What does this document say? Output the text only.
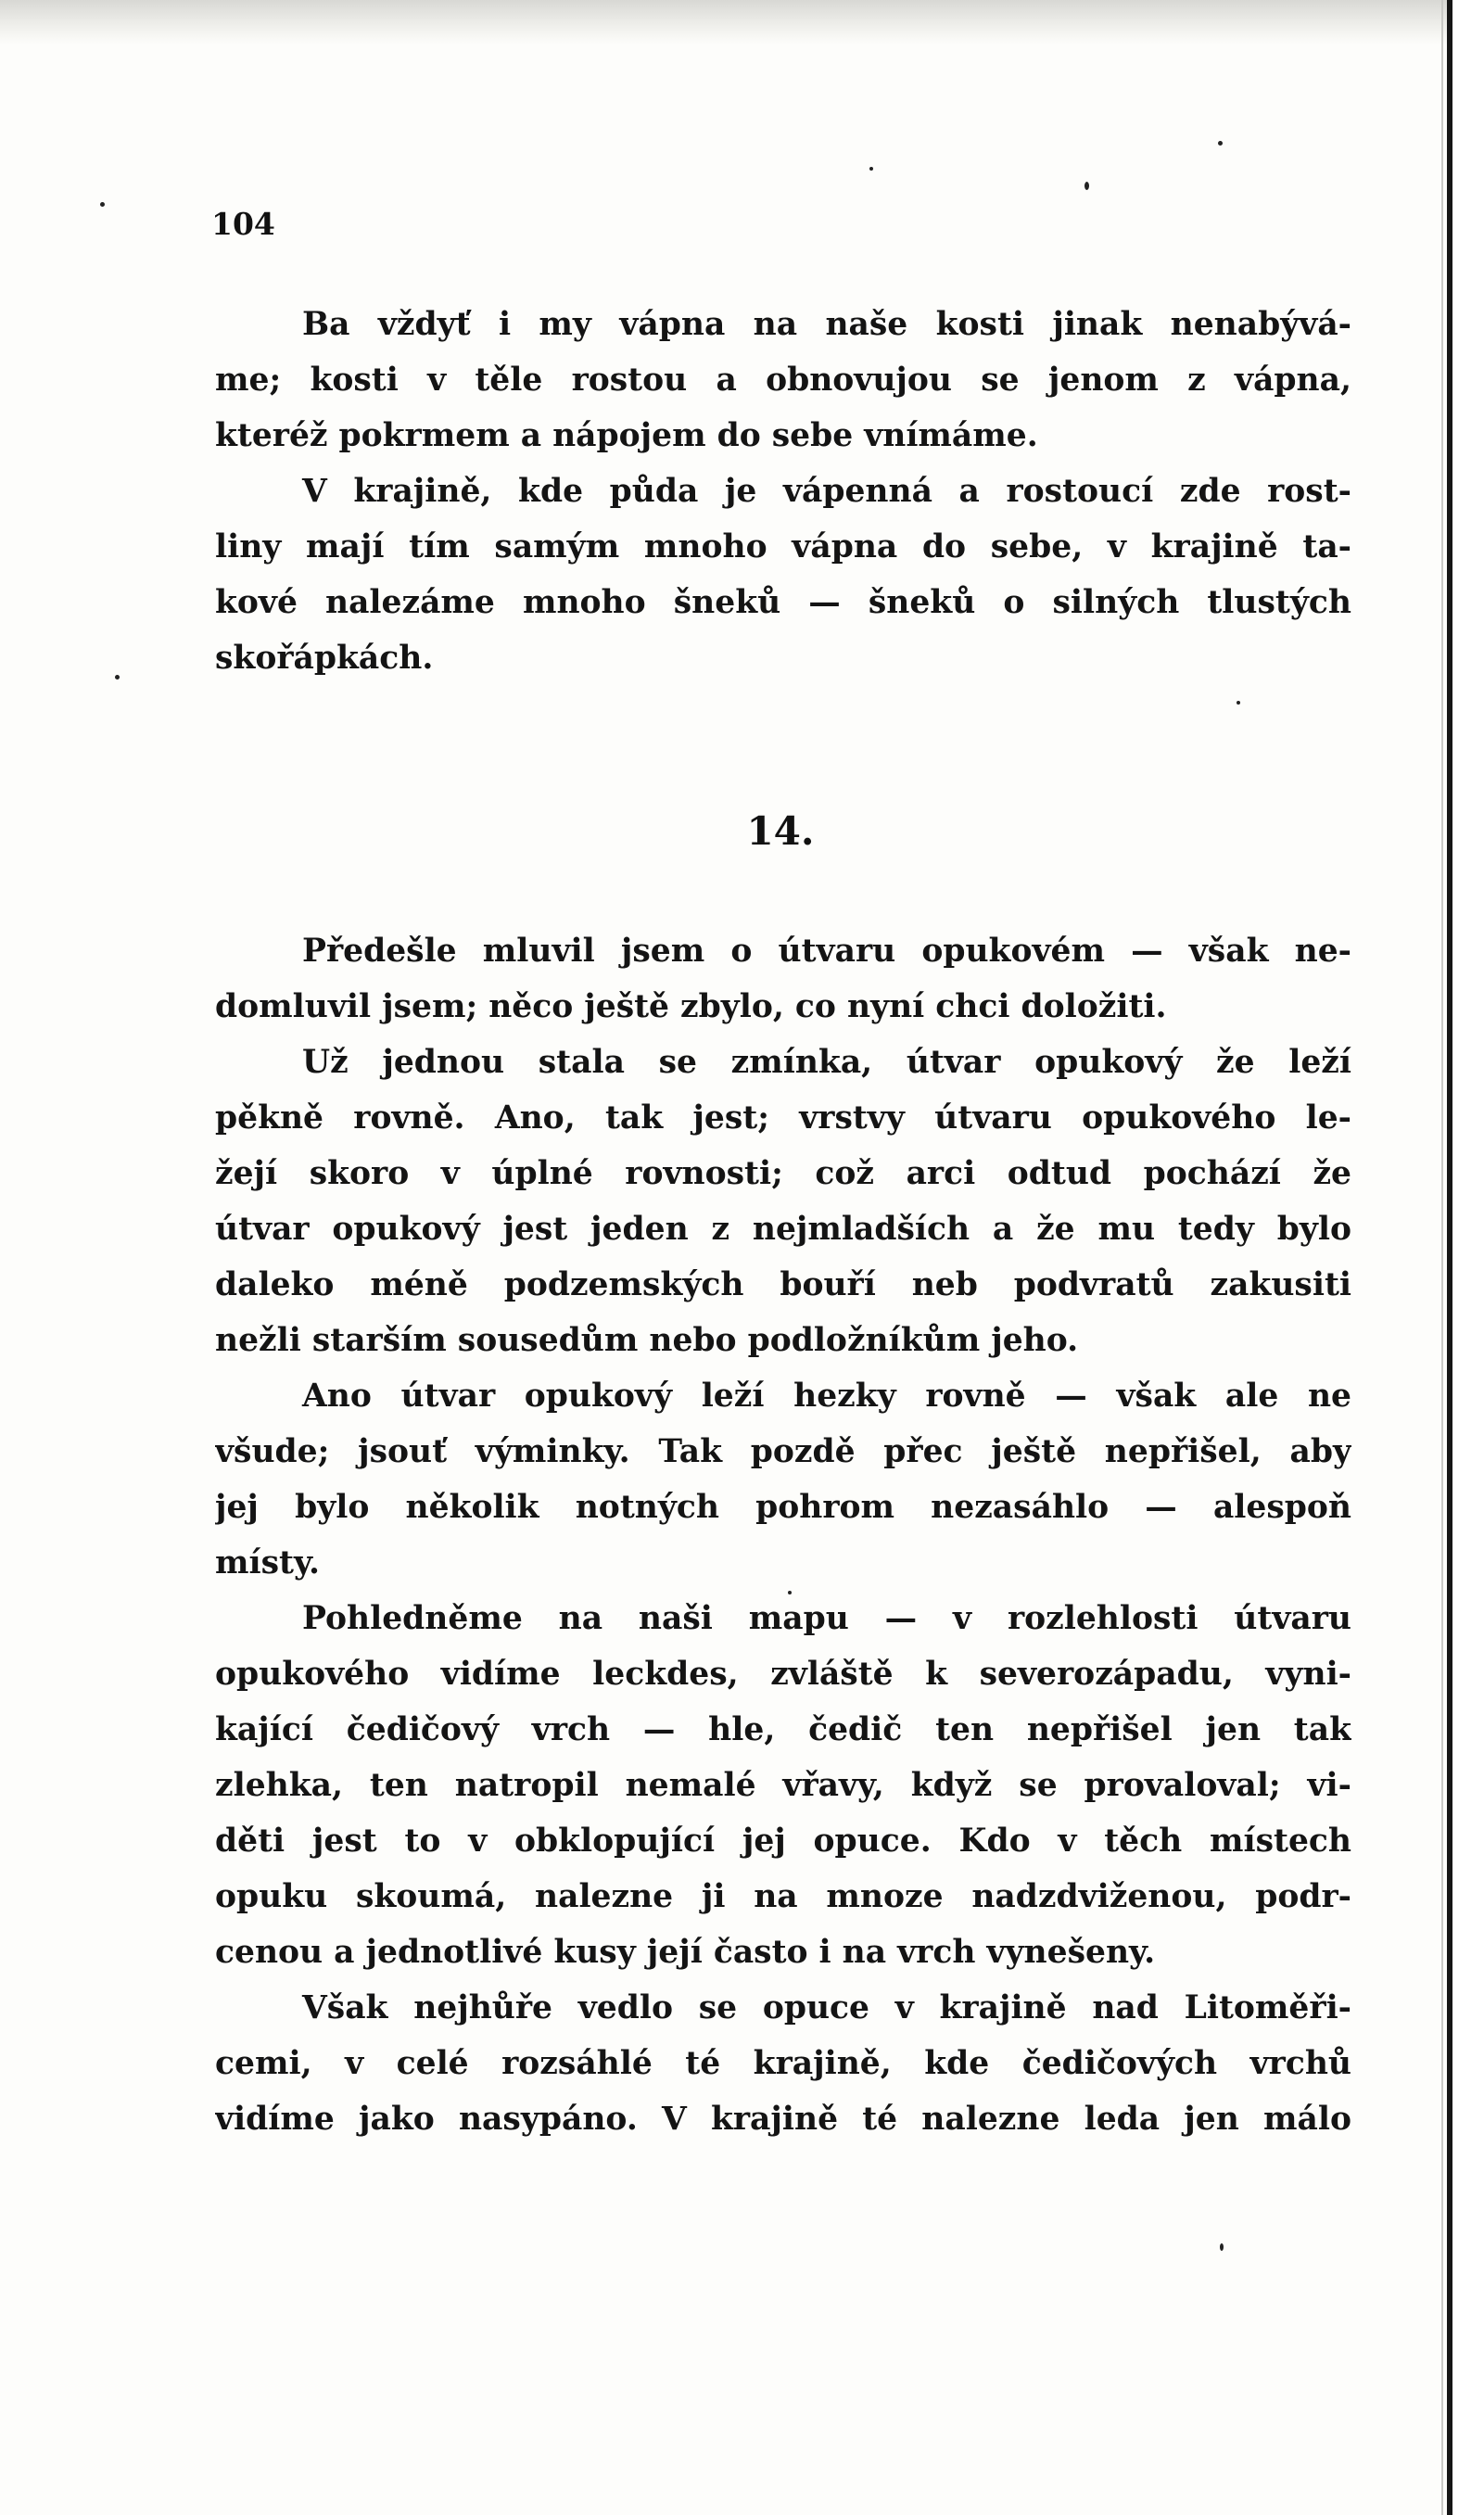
104

Ba vždyť i my vápna na naše kosti jinak nenabývá-
me; kosti v těle rostou a obnovujou se jenom z vápna,
kteréž pokrmem a nápojem do sebe vnímáme.
V krajině, kde půda je vápenná a rostoucí zde rost-
liny mají tím samým mnoho vápna do sebe, v krajině ta-
kové nalezáme mnoho šneků — šneků o silných tlustých
skořápkách.
14.
Předešle mluvil jsem o útvaru opukovém — však ne-
domluvil jsem; něco ještě zbylo, co nyní chci doložiti.
Už jednou stala se zmínka, útvar opukový že leží
pěkně rovně. Ano, tak jest; vrstvy útvaru opukového le-
žejí skoro v úplné rovnosti; což arci odtud pochází že
útvar opukový jest jeden z nejmladších a že mu tedy bylo
daleko méně podzemských bouří neb podvratů zakusiti
nežli starším sousedům nebo podložníkům jeho.
Ano útvar opukový leží hezky rovně — však ale ne
všude; jsouť výminky. Tak pozdě přec ještě nepřišel, aby
jej bylo několik notných pohrom nezasáhlo — alespoň
místy.
Pohledněme na naši mapu — v rozlehlosti útvaru
opukového vidíme leckdes, zvláště k severozápadu, vyni-
kající čedičový vrch — hle, čedič ten nepřišel jen tak
zlehka, ten natropil nemalé vřavy, když se provaloval; vi-
děti jest to v obklopující jej opuce. Kdo v těch místech
opuku skoumá, nalezne ji na mnoze nadzdviženou, podr-
cenou a jednotlivé kusy její často i na vrch vynešeny.
Však nejhůře vedlo se opuce v krajině nad Litoměři-
cemi, v celé rozsáhlé té krajině, kde čedičových vrchů
vidíme jako nasypáno. V krajině té nalezne leda jen málo
